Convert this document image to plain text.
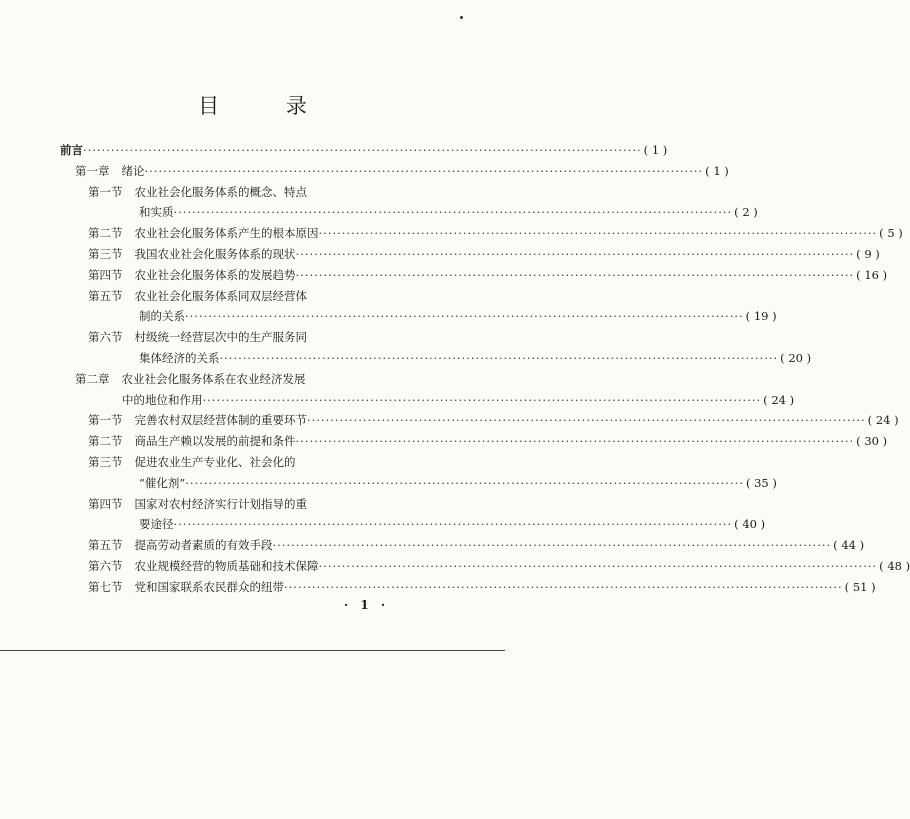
目 录
前言 ························································································································ ( 1 )
第一章 绪论 ························································································································ ( 1 )
第一节 农业社会化服务体系的概念、特点
和实质 ························································································································ ( 2 )
第二节 农业社会化服务体系产生的根本原因 ························································································································ ( 5 )
第三节 我国农业社会化服务体系的现状 ························································································································ ( 9 )
第四节 农业社会化服务体系的发展趋势 ························································································································ ( 16 )
第五节 农业社会化服务体系同双层经营体
制的关系 ························································································································ ( 19 )
第六节 村级统一经营层次中的生产服务同
集体经济的关系 ························································································································ ( 20 )
第二章 农业社会化服务体系在农业经济发展
中的地位和作用 ························································································································ ( 24 )
第一节 完善农村双层经营体制的重要环节 ························································································································ ( 24 )
第二节 商品生产赖以发展的前提和条件 ························································································································ ( 30 )
第三节 促进农业生产专业化、社会化的
“催化剂” ························································································································ ( 35 )
第四节 国家对农村经济实行计划指导的重
要途径 ························································································································ ( 40 )
第五节 提高劳动者素质的有效手段 ························································································································ ( 44 )
第六节 农业规模经营的物质基础和技术保障 ························································································································ ( 48 )
第七节 党和国家联系农民群众的纽带 ························································································································ ( 51 )
· 1 ·
